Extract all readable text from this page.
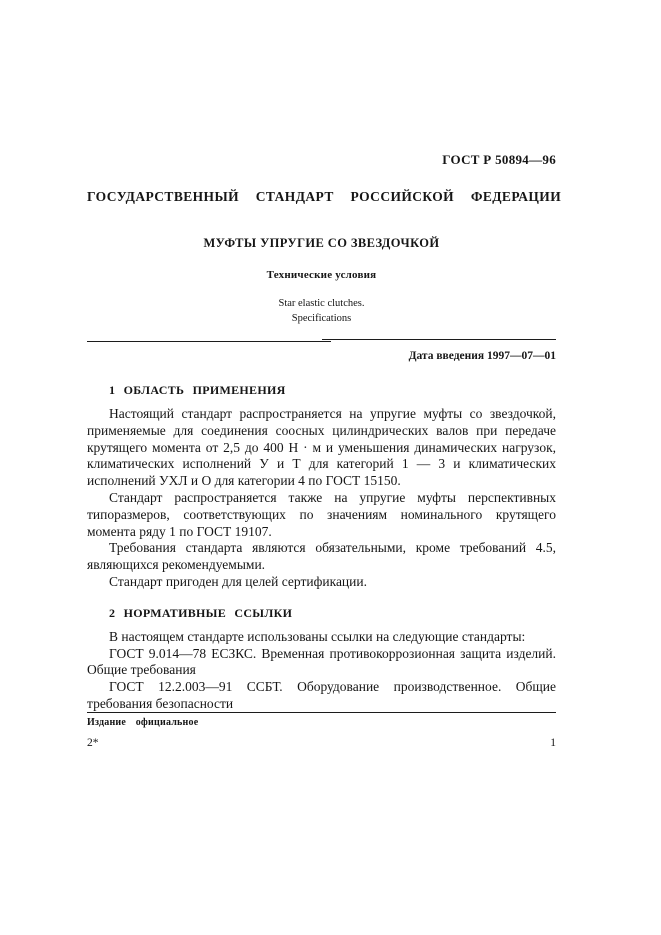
ГОСТ Р 50894—96
ГОСУДАРСТВЕННЫЙ СТАНДАРТ РОССИЙСКОЙ ФЕДЕРАЦИИ
МУФТЫ УПРУГИЕ СО ЗВЕЗДОЧКОЙ
Технические условия
Star elastic clutches.
Specifications
Дата введения 1997—07—01
1 ОБЛАСТЬ ПРИМЕНЕНИЯ

Настоящий стандарт распространяется на упругие муфты со звездочкой, применяемые для соединения соосных цилиндрических валов при передаче крутящего момента от 2,5 до 400 Н · м и уменьшения динамических нагрузок, климатических исполнений У и Т для категорий 1 — 3 и климатических исполнений УХЛ и О для категории 4 по ГОСТ 15150.

Стандарт распространяется также на упругие муфты перспективных типоразмеров, соответствующих по значениям номинального крутящего момента ряду 1 по ГОСТ 19107.

Требования стандарта являются обязательными, кроме требований 4.5, являющихся рекомендуемыми.

Стандарт пригоден для целей сертификации.

2 НОРМАТИВНЫЕ ССЫЛКИ

В настоящем стандарте использованы ссылки на следующие стандарты:

ГОСТ 9.014—78 ЕСЗКС. Временная противокоррозионная защита изделий. Общие требования

ГОСТ 12.2.003—91 ССБТ. Оборудование производственное. Общие требования безопасности

Издание официальное
2*	1
